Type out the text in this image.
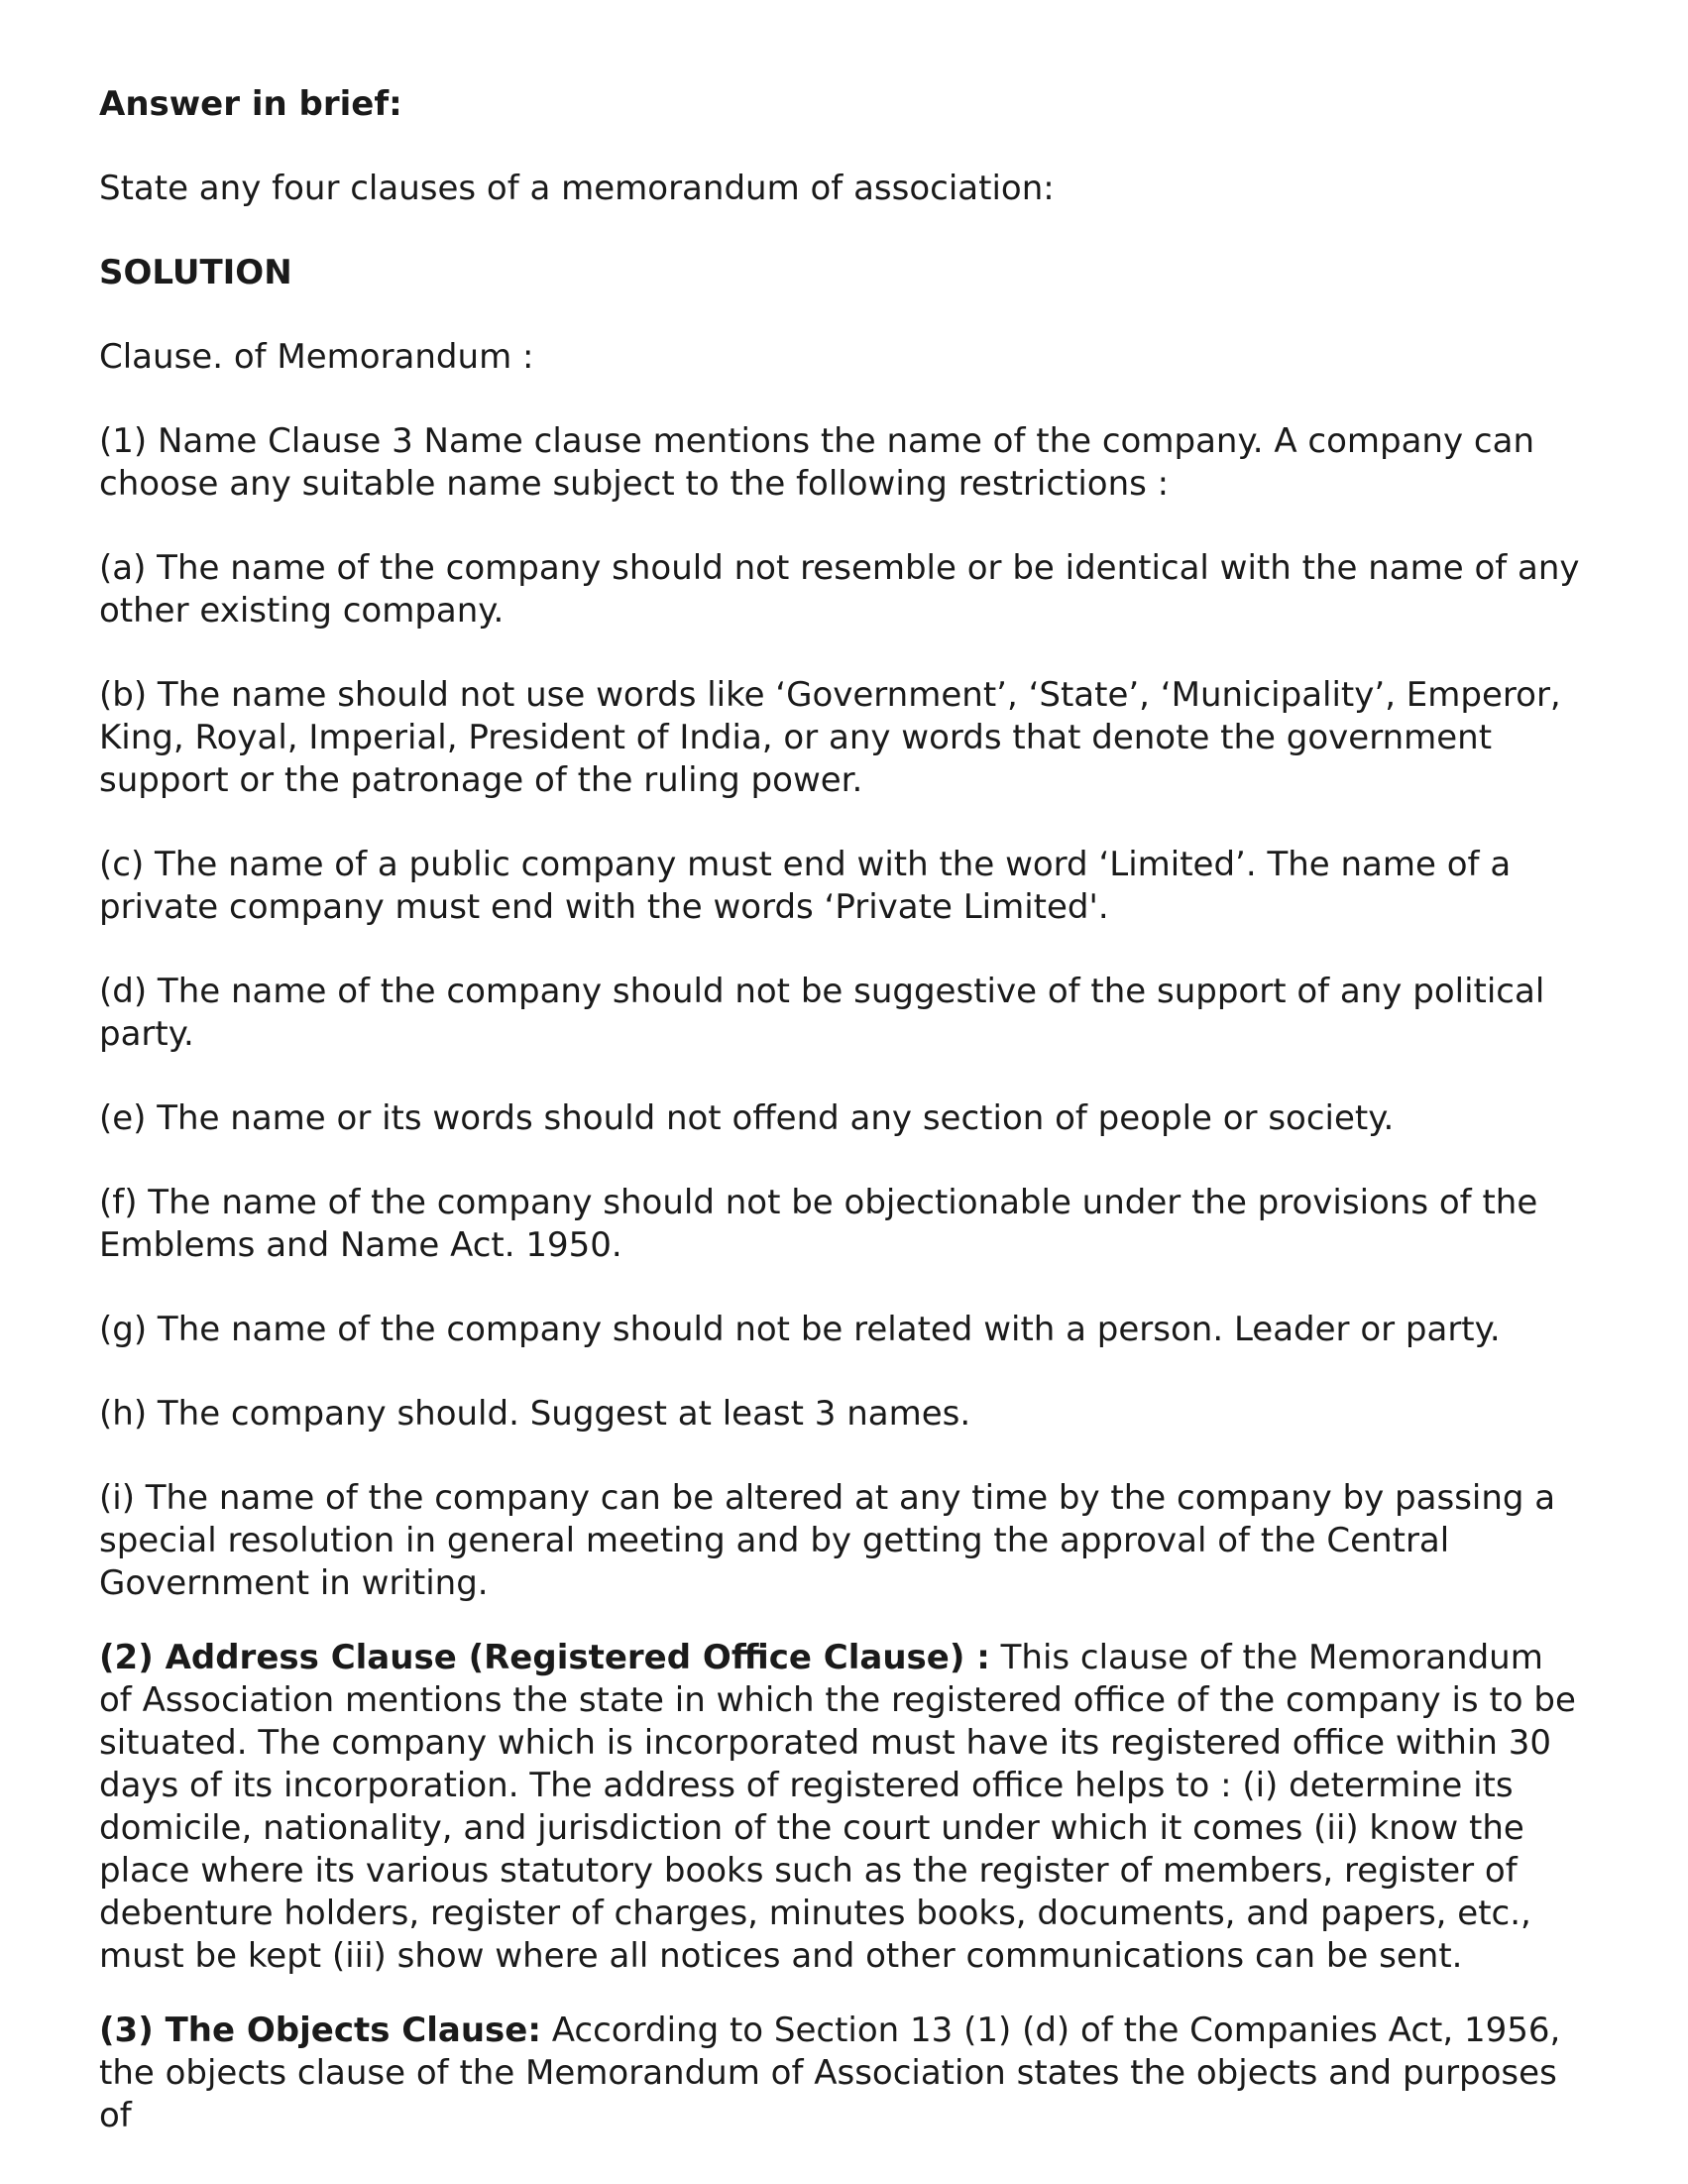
Answer in brief:

State any four clauses of a memorandum of association:

SOLUTION

Clause. of Memorandum :

(1) Name Clause 3 Name clause mentions the name of the company. A company can choose any suitable name subject to the following restrictions :

(a) The name of the company should not resemble or be identical with the name of any other existing company.

(b) The name should not use words like ‘Government’, ‘State’, ‘Municipality’, Emperor, King, Royal, Imperial, President of India, or any words that denote the government support or the patronage of the ruling power.

(c) The name of a public company must end with the word ‘Limited’. The name of a private company must end with the words ‘Private Limited'.

(d) The name of the company should not be suggestive of the support of any political party.

(e) The name or its words should not offend any section of people or society.

(f) The name of the company should not be objectionable under the provisions of the Emblems and Name Act. 1950.

(g) The name of the company should not be related with a person. Leader or party.

(h) The company should. Suggest at least 3 names.

(i) The name of the company can be altered at any time by the company by passing a special resolution in general meeting and by getting the approval of the Central Government in writing.

(2) Address Clause (Registered Office Clause) : This clause of the Memorandum of Association mentions the state in which the registered office of the company is to be situated. The company which is incorporated must have its registered office within 30 days of its incorporation. The address of registered office helps to : (i) determine its domicile, nationality, and jurisdiction of the court under which it comes (ii) know the place where its various statutory books such as the register of members, register of debenture holders, register of charges, minutes books, documents, and papers, etc., must be kept (iii) show where all notices and other communications can be sent.

(3) The Objects Clause: According to Section 13 (1) (d) of the Companies Act, 1956, the objects clause of the Memorandum of Association states the objects and purposes of
